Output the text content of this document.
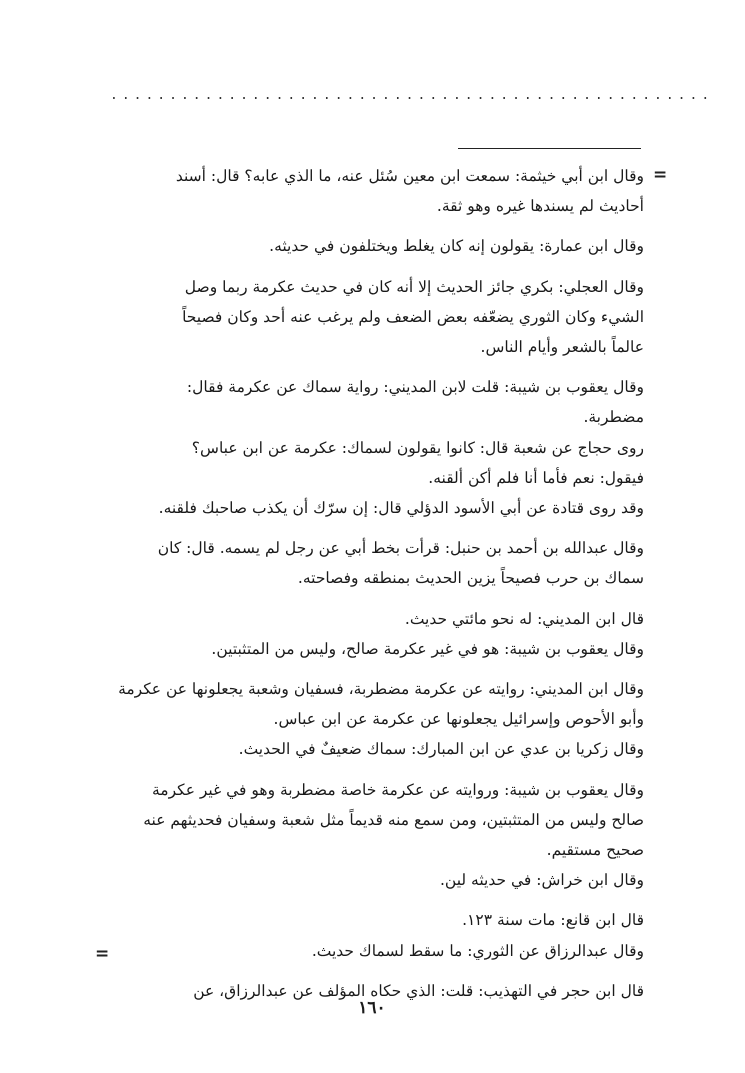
...................................................
=
وقال ابن أبي خيثمة: سمعت ابن معين سُئل عنه، ما الذي عابه؟ قال: أسند
أحاديث لم يسندها غيره وهو ثقة.
وقال ابن عمارة: يقولون إنه كان يغلط ويختلفون في حديثه.
وقال العجلي: بكري جائز الحديث إلا أنه كان في حديث عكرمة ربما وصل
الشيء وكان الثوري يضعّفه بعض الضعف ولم يرغب عنه أحد وكان فصيحاً
عالماً بالشعر وأيام الناس.
وقال يعقوب بن شيبة: قلت لابن المديني: رواية سماك عن عكرمة فقال:
مضطربة.
روى حجاج عن شعبة قال: كانوا يقولون لسماك: عكرمة عن ابن عباس؟
فيقول: نعم فأما أنا فلم أكن ألقنه.
وقد روى قتادة عن أبي الأسود الدؤلي قال: إن سرّك أن يكذب صاحبك فلقنه.
وقال عبدالله بن أحمد بن حنبل: قرأت بخط أبي عن رجل لم يسمه. قال: كان
سماك بن حرب فصيحاً يزين الحديث بمنطقه وفصاحته.
قال ابن المديني: له نحو مائتي حديث.
وقال يعقوب بن شيبة: هو في غير عكرمة صالح، وليس من المتثبتين.
وقال ابن المديني: روايته عن عكرمة مضطربة، فسفيان وشعبة يجعلونها عن عكرمة
وأبو الأحوص وإسرائيل يجعلونها عن عكرمة عن ابن عباس.
وقال زكريا بن عدي عن ابن المبارك: سماك ضعيفٌ في الحديث.
وقال يعقوب بن شيبة: وروايته عن عكرمة خاصة مضطربة وهو في غير عكرمة
صالح وليس من المتثبتين، ومن سمع منه قديماً مثل شعبة وسفيان فحديثهم عنه
صحيح مستقيم.
وقال ابن خراش: في حديثه لين.
قال ابن قانع: مات سنة ١٢٣.
وقال عبدالرزاق عن الثوري: ما سقط لسماك حديث.
قال ابن حجر في التهذيب: قلت: الذي حكاه المؤلف عن عبدالرزاق، عن
=
١٦٠
